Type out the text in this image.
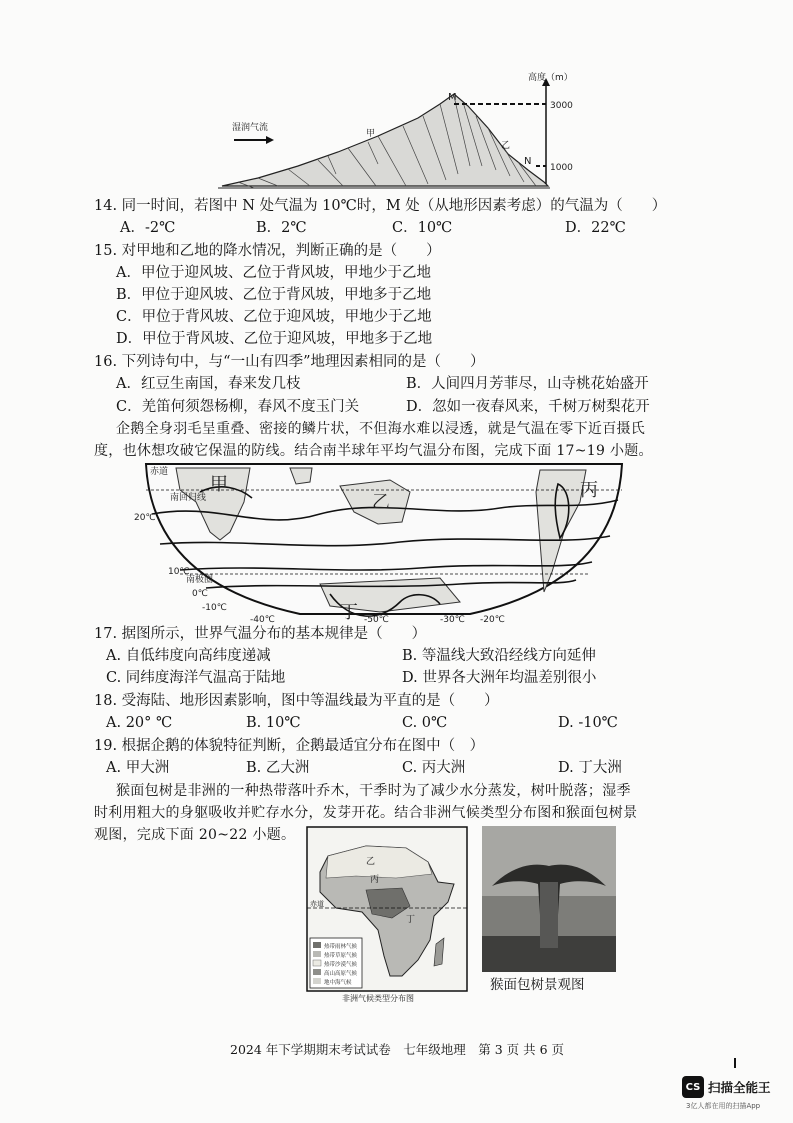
湿润气流
高度（m）
M
N
甲
乙
3000
1000
14. 同一时间，若图中 N 处气温为 10℃时，M 处（从地形因素考虑）的气温为（　　）
A．-2℃	B．2℃	C．10℃	D．22℃
15. 对甲地和乙地的降水情况，判断正确的是（　　）
A．甲位于迎风坡、乙位于背风坡，甲地少于乙地
B．甲位于迎风坡、乙位于背风坡，甲地多于乙地
C．甲位于背风坡、乙位于迎风坡，甲地少于乙地
D．甲位于背风坡、乙位于迎风坡，甲地多于乙地
16. 下列诗句中，与“一山有四季”地理因素相同的是（　　）
A．红豆生南国，春来发几枝	B．人间四月芳菲尽，山寺桃花始盛开
C．羌笛何须怨杨柳，春风不度玉门关	D．忽如一夜春风来，千树万树梨花开
企鹅全身羽毛呈重叠、密接的鳞片状，不但海水难以浸透，就是气温在零下近百摄氏
度，也休想攻破它保温的防线。结合南半球年平均气温分布图，完成下面 17~19 小题。
赤道
南回归线
南极圈
甲
乙
丙
丁
20℃
10℃
0℃
-10℃
-40℃	-50℃	-30℃ -20℃
17. 据图所示，世界气温分布的基本规律是（　　）
A. 自低纬度向高纬度递减	B. 等温线大致沿经线方向延伸
C. 同纬度海洋气温高于陆地	D. 世界各大洲年均温差别很小
18. 受海陆、地形因素影响，图中等温线最为平直的是（　　）
A. 20° ℃	B. 10℃	C. 0℃	D. -10℃
19. 根据企鹅的体貌特征判断，企鹅最适宜分布在图中（　）
A. 甲大洲	B. 乙大洲	C. 丙大洲	D. 丁大洲
猴面包树是非洲的一种热带落叶乔木，干季时为了减少水分蒸发，树叶脱落；湿季
时利用粗大的身躯吸收并贮存水分，发芽开花。结合非洲气候类型分布图和猴面包树景
观图，完成下面 20~22 小题。
赤道
乙
丙
丁
热带雨林气候
热带草原气候
热带沙漠气候
高山高原气候
地中海气候
非洲气候类型分布图
猴面包树景观图
2024 年下学期期末考试试卷　七年级地理　第 3 页 共 6 页
CS 扫描全能王
3亿人都在用的扫描App
